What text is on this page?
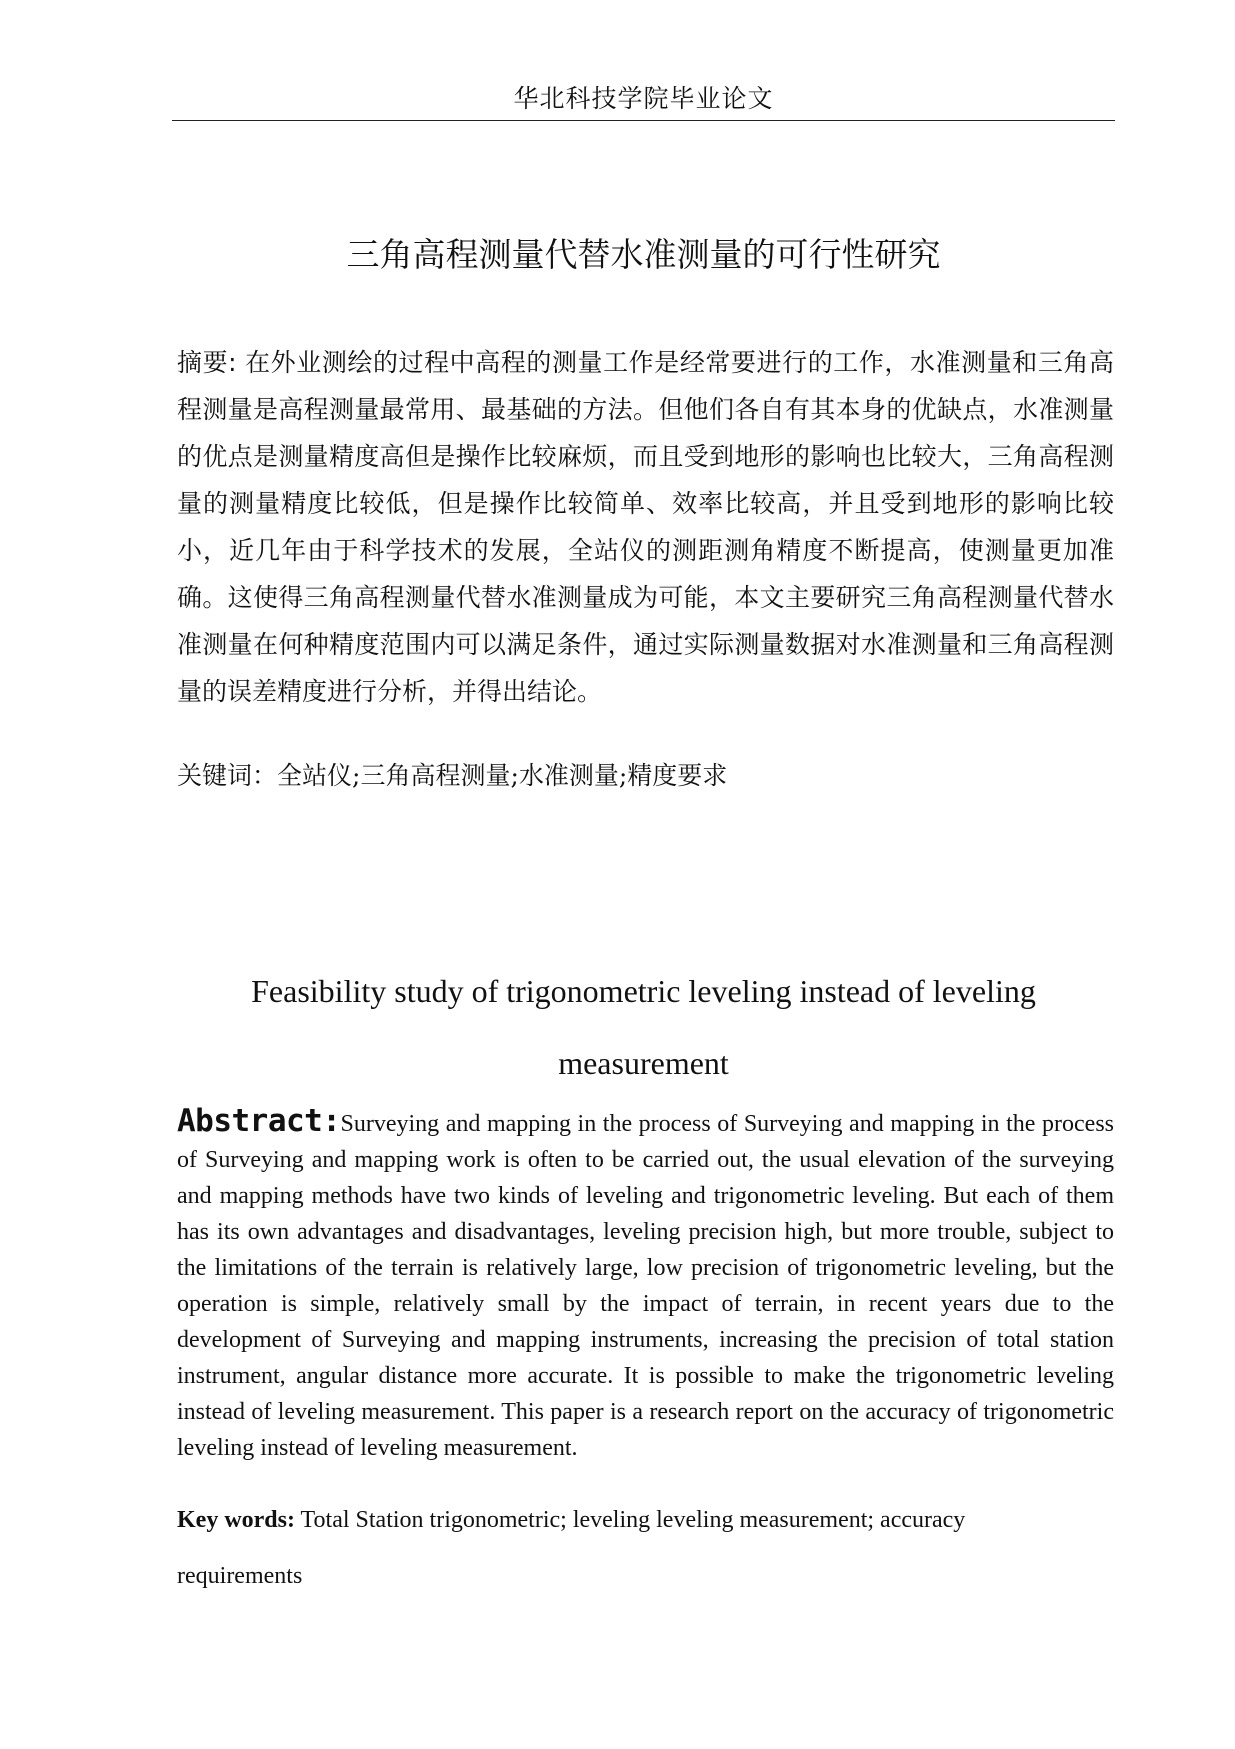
华北科技学院毕业论文
三角高程测量代替水准测量的可行性研究

摘要: 在外业测绘的过程中高程的测量工作是经常要进行的工作，水准测量和三角高程测量是高程测量最常用、最基础的方法。但他们各自有其本身的优缺点，水准测量的优点是测量精度高但是操作比较麻烦，而且受到地形的影响也比较大，三角高程测量的测量精度比较低，但是操作比较简单、效率比较高，并且受到地形的影响比较小，近几年由于科学技术的发展，全站仪的测距测角精度不断提高，使测量更加准确。这使得三角高程测量代替水准测量成为可能，本文主要研究三角高程测量代替水准测量在何种精度范围内可以满足条件，通过实际测量数据对水准测量和三角高程测量的误差精度进行分析，并得出结论。

关键词：全站仪;三角高程测量;水准测量;精度要求
Feasibility study of trigonometric leveling instead of leveling measurement

Abstract:Surveying and mapping in the process of Surveying and mapping in the process of Surveying and mapping work is often to be carried out, the usual elevation of the surveying and mapping methods have two kinds of leveling and trigonometric leveling. But each of them has its own advantages and disadvantages, leveling precision high, but more trouble, subject to the limitations of the terrain is relatively large, low precision of trigonometric leveling, but the operation is simple, relatively small by the impact of terrain, in recent years due to the development of Surveying and mapping instruments, increasing the precision of total station instrument, angular distance more accurate. It is possible to make the trigonometric leveling instead of leveling measurement. This paper is a research report on the accuracy of trigonometric leveling instead of leveling measurement.

Key words: Total Station trigonometric; leveling leveling measurement; accuracy requirements
